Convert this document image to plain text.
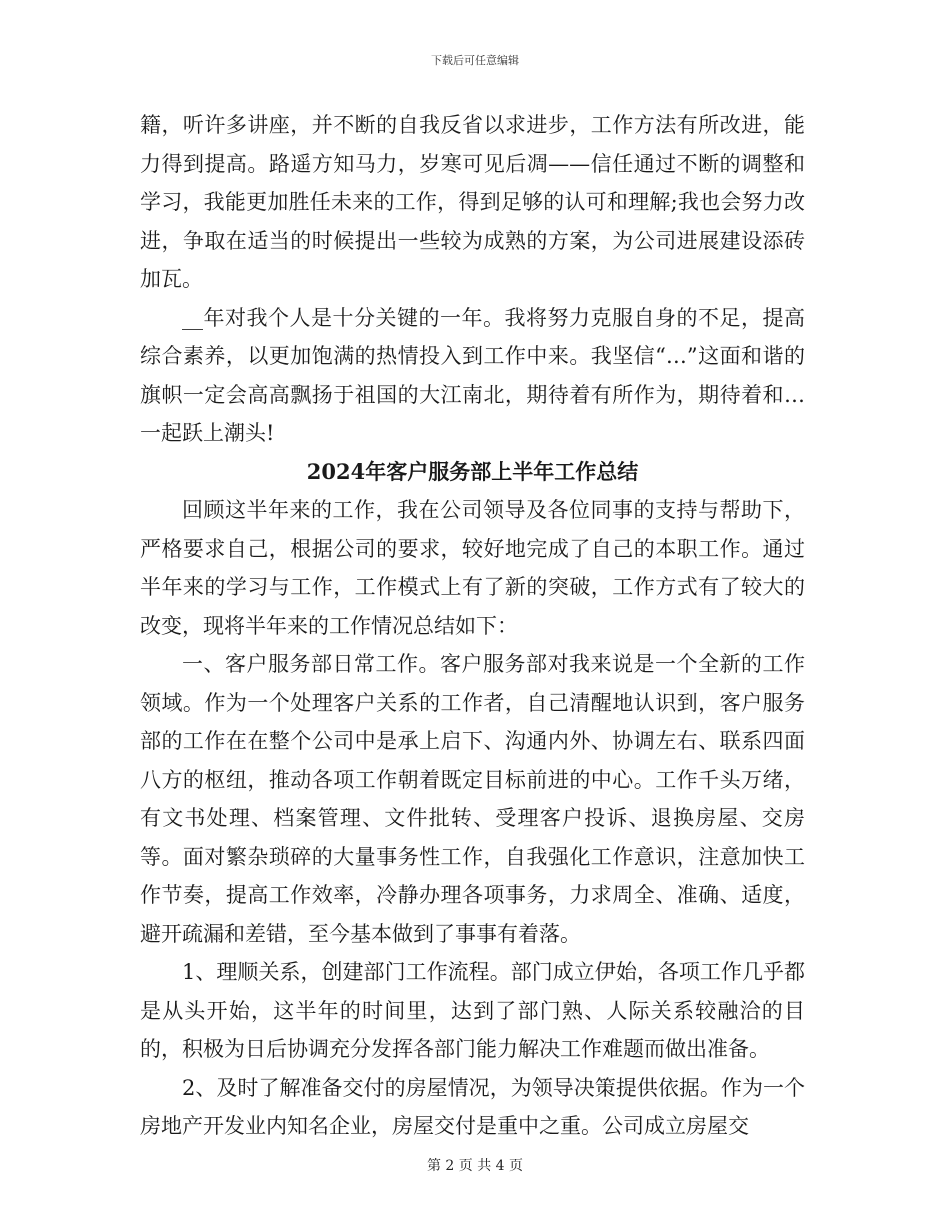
下载后可任意编辑

籍，听许多讲座，并不断的自我反省以求进步，工作方法有所改进，能力得到提高。路遥方知马力，岁寒可见后凋——信任通过不断的调整和学习，我能更加胜任未来的工作，得到足够的认可和理解;我也会努力改进，争取在适当的时候提出一些较为成熟的方案，为公司进展建设添砖加瓦。

__年对我个人是十分关键的一年。我将努力克服自身的不足，提高综合素养，以更加饱满的热情投入到工作中来。我坚信“…”这面和谐的旗帜一定会高高飘扬于祖国的大江南北，期待着有所作为，期待着和…一起跃上潮头!

2024年客户服务部上半年工作总结

回顾这半年来的工作，我在公司领导及各位同事的支持与帮助下，严格要求自己，根据公司的要求，较好地完成了自己的本职工作。通过半年来的学习与工作，工作模式上有了新的突破，工作方式有了较大的改变，现将半年来的工作情况总结如下：

一、客户服务部日常工作。客户服务部对我来说是一个全新的工作领域。作为一个处理客户关系的工作者，自己清醒地认识到，客户服务部的工作在在整个公司中是承上启下、沟通内外、协调左右、联系四面八方的枢纽，推动各项工作朝着既定目标前进的中心。工作千头万绪，有文书处理、档案管理、文件批转、受理客户投诉、退换房屋、交房等。面对繁杂琐碎的大量事务性工作，自我强化工作意识，注意加快工作节奏，提高工作效率，冷静办理各项事务，力求周全、准确、适度，避开疏漏和差错，至今基本做到了事事有着落。

1、理顺关系，创建部门工作流程。部门成立伊始，各项工作几乎都是从头开始，这半年的时间里，达到了部门熟、人际关系较融洽的目的，积极为日后协调充分发挥各部门能力解决工作难题而做出准备。

2、及时了解准备交付的房屋情况，为领导决策提供依据。作为一个房地产开发业内知名企业，房屋交付是重中之重。公司成立房屋交

第 2 页 共 4 页
